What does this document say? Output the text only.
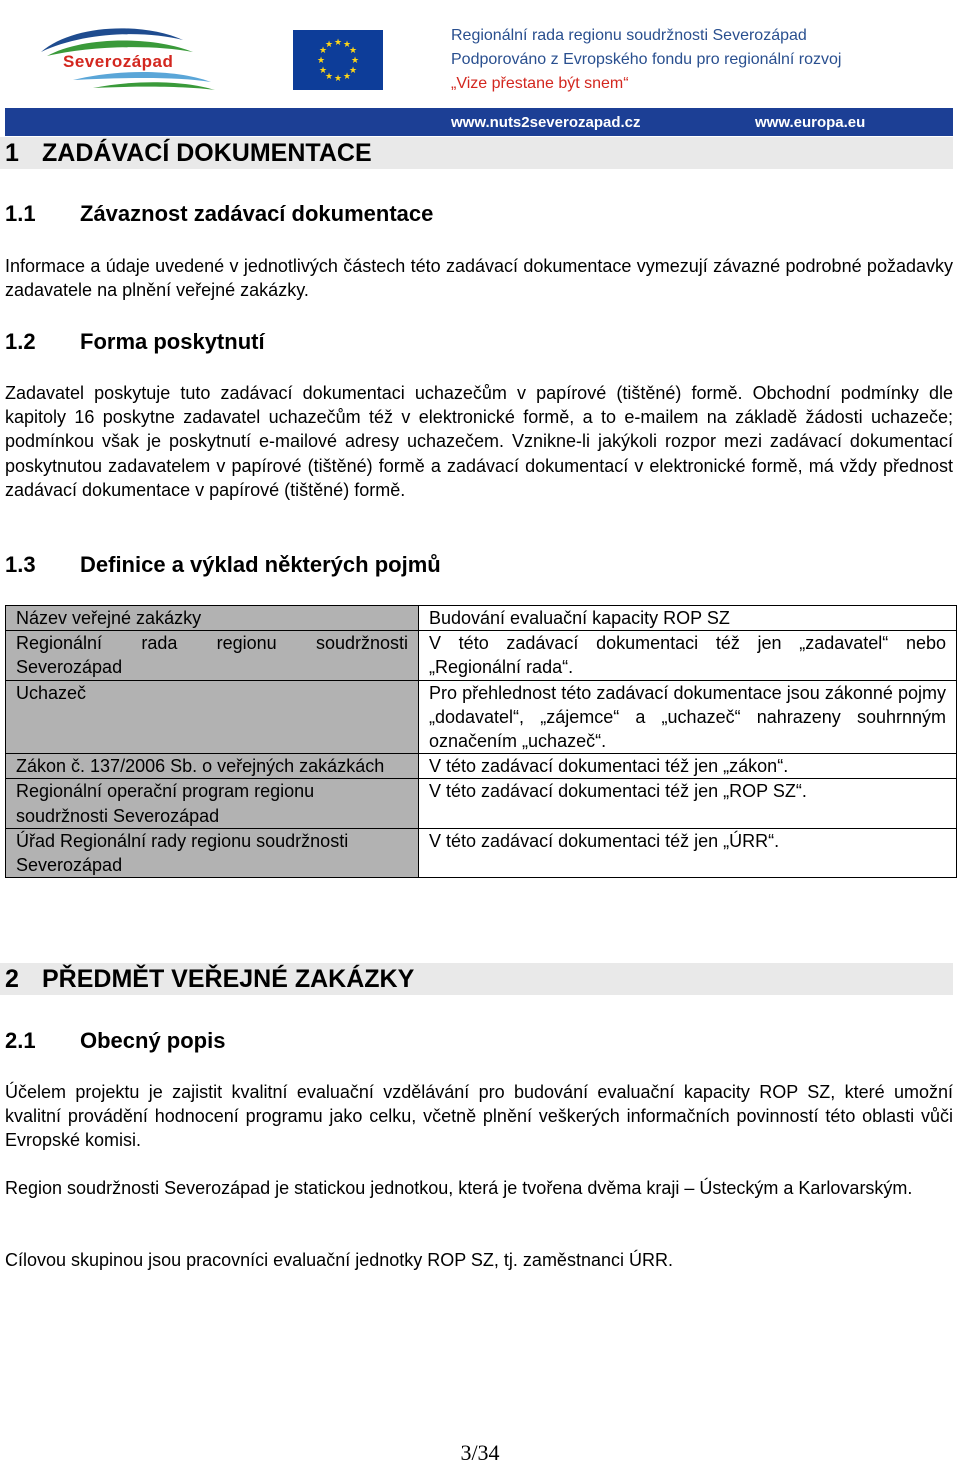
Severozápad
★ ★
★
★
★
★
★
★
★
★
★
★
Regionální rada regionu soudržnosti Severozápad
Podporováno z Evropského fondu pro regionální rozvoj
„Vize přestane být snem“
www.nuts2severozapad.cz	www.europa.eu
1 ZADÁVACÍ DOKUMENTACE
1.1 Závaznost zadávací dokumentace

Informace a údaje uvedené v jednotlivých částech této zadávací dokumentace vymezují závazné podrobné požadavky zadavatele na plnění veřejné zakázky.

1.2 Forma poskytnutí

Zadavatel poskytuje tuto zadávací dokumentaci uchazečům v papírové (tištěné) formě. Obchodní podmínky dle kapitoly 16 poskytne zadavatel uchazečům též v elektronické formě, a to e-mailem na základě žádosti uchazeče; podmínkou však je poskytnutí e-mailové adresy uchazečem. Vznikne-li jakýkoli rozpor mezi zadávací dokumentací poskytnutou zadavatelem v papírové (tištěné) formě a zadávací dokumentací v elektronické formě, má vždy přednost zadávací dokumentace v papírové (tištěné) formě.

1.3 Definice a výklad některých pojmů
Název veřejné zakázky	Budování evaluační kapacity ROP SZ
Regionální rada regionu soudržnosti Severozápad	V této zadávací dokumentaci též jen „zadavatel“ nebo „Regionální rada“.
Uchazeč	Pro přehlednost této zadávací dokumentace jsou zákonné pojmy „dodavatel“, „zájemce“ a „uchazeč“ nahrazeny souhrnným označením „uchazeč“.
Zákon č. 137/2006 Sb. o veřejných zakázkách	V této zadávací dokumentaci též jen „zákon“.
Regionální operační program regionu soudržnosti Severozápad	V této zadávací dokumentaci též jen „ROP SZ“.
Úřad Regionální rady regionu soudržnosti Severozápad	V této zadávací dokumentaci též jen „ÚRR“.
2 PŘEDMĚT VEŘEJNÉ ZAKÁZKY
2.1 Obecný popis

Účelem projektu je zajistit kvalitní evaluační vzdělávání pro budování evaluační kapacity ROP SZ, které umožní kvalitní provádění hodnocení programu jako celku, včetně plnění veškerých informačních povinností této oblasti vůči Evropské komisi.

Region soudržnosti Severozápad je statickou jednotkou, která je tvořena dvěma kraji – Ústeckým a Karlovarským.

Cílovou skupinou jsou pracovníci evaluační jednotky ROP SZ, tj. zaměstnanci ÚRR.

3/34
